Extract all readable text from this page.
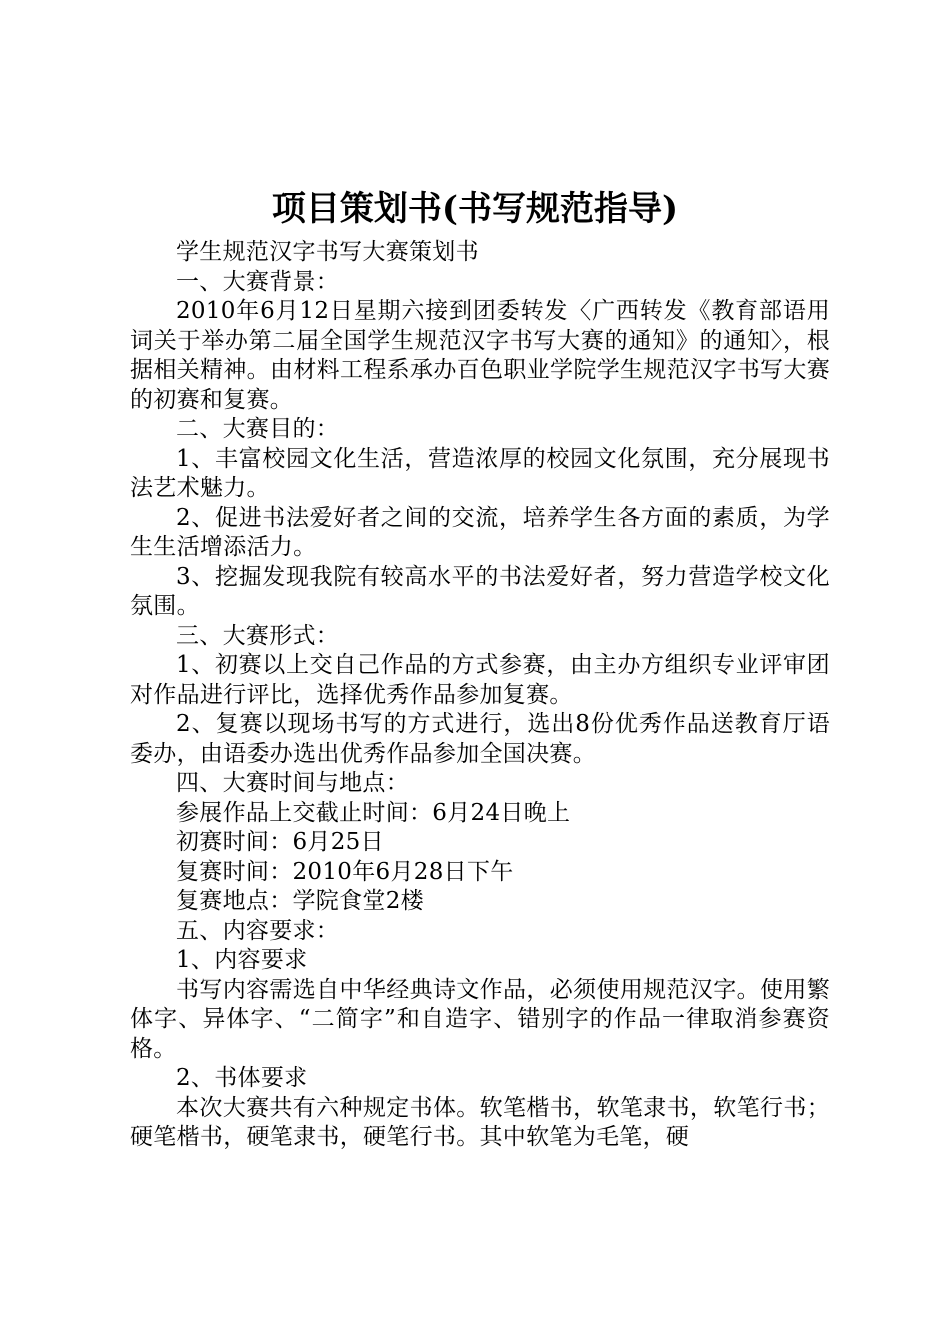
项目策划书(书写规范指导)

学生规范汉字书写大赛策划书

一、大赛背景：

2010年6月12日星期六接到团委转发〈广西转发《教育部语用词关于举办第二届全国学生规范汉字书写大赛的通知》的通知〉，根据相关精神。由材料工程系承办百色职业学院学生规范汉字书写大赛的初赛和复赛。

二、大赛目的：

1、丰富校园文化生活，营造浓厚的校园文化氛围，充分展现书法艺术魅力。

2、促进书法爱好者之间的交流，培养学生各方面的素质，为学生生活增添活力。

3、挖掘发现我院有较高水平的书法爱好者，努力营造学校文化氛围。

三、大赛形式：

1、初赛以上交自己作品的方式参赛，由主办方组织专业评审团对作品进行评比，选择优秀作品参加复赛。

2、复赛以现场书写的方式进行，选出8份优秀作品送教育厅语委办，由语委办选出优秀作品参加全国决赛。

四、大赛时间与地点：

参展作品上交截止时间：6月24日晚上

初赛时间：6月25日

复赛时间：2010年6月28日下午

复赛地点：学院食堂2楼

五、内容要求：

1、内容要求

书写内容需选自中华经典诗文作品，必须使用规范汉字。使用繁体字、异体字、“二简字”和自造字、错别字的作品一律取消参赛资格。

2、书体要求

本次大赛共有六种规定书体。软笔楷书，软笔隶书，软笔行书；硬笔楷书，硬笔隶书，硬笔行书。其中软笔为毛笔，硬
